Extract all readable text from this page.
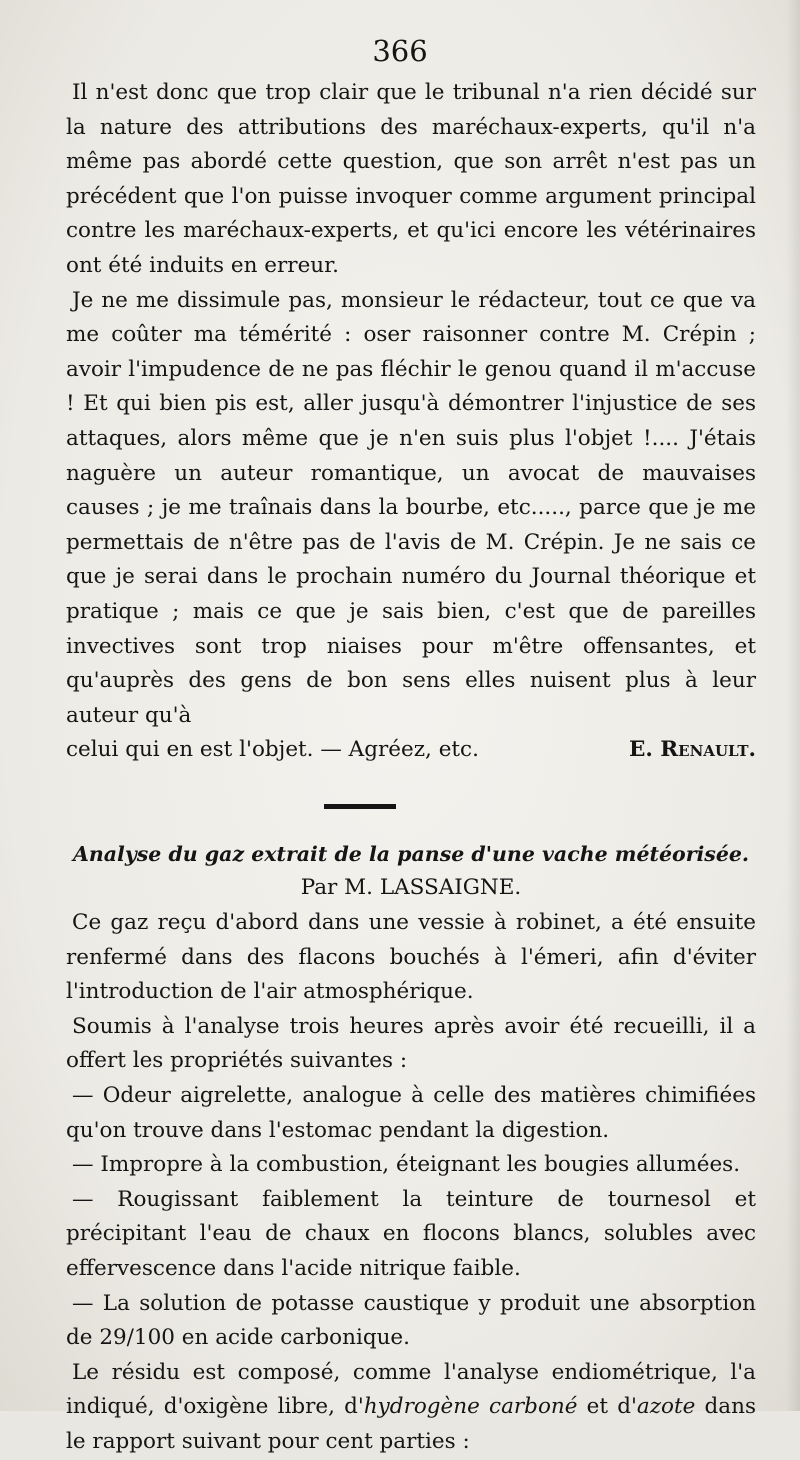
366

Il n'est donc que trop clair que le tribunal n'a rien décidé sur la nature des attributions des maréchaux-experts, qu'il n'a même pas abordé cette question, que son arrêt n'est pas un précédent que l'on puisse invoquer comme argument principal contre les maréchaux-experts, et qu'ici encore les vétérinaires ont été induits en erreur.

Je ne me dissimule pas, monsieur le rédacteur, tout ce que va me coûter ma témérité : oser raisonner contre M. Crépin ; avoir l'impudence de ne pas fléchir le genou quand il m'accuse ! Et qui bien pis est, aller jusqu'à démontrer l'injustice de ses attaques, alors même que je n'en suis plus l'objet !.... J'étais naguère un auteur romantique, un avocat de mauvaises causes ; je me traînais dans la bourbe, etc....., parce que je me permettais de n'être pas de l'avis de M. Crépin. Je ne sais ce que je serai dans le prochain numéro du Journal théorique et pratique ; mais ce que je sais bien, c'est que de pareilles invectives sont trop niaises pour m'être offensantes, et qu'auprès des gens de bon sens elles nuisent plus à leur auteur qu'à

celui qui en est l'objet. — Agréez, etc.	E. Renault.

Analyse du gaz extrait de la panse d'une vache météorisée.

Par M. LASSAIGNE.

Ce gaz reçu d'abord dans une vessie à robinet, a été ensuite renfermé dans des flacons bouchés à l'émeri, afin d'éviter l'introduction de l'air atmosphérique.

Soumis à l'analyse trois heures après avoir été recueilli, il a offert les propriétés suivantes :

— Odeur aigrelette, analogue à celle des matières chimifiées qu'on trouve dans l'estomac pendant la digestion.

— Impropre à la combustion, éteignant les bougies allumées.

— Rougissant faiblement la teinture de tournesol et précipitant l'eau de chaux en flocons blancs, solubles avec effervescence dans l'acide nitrique faible.

— La solution de potasse caustique y produit une absorption de 29/100 en acide carbonique.

Le résidu est composé, comme l'analyse endiométrique, l'a indiqué, d'oxigène libre, d'hydrogène carboné et d'azote dans le rapport suivant pour cent parties :
